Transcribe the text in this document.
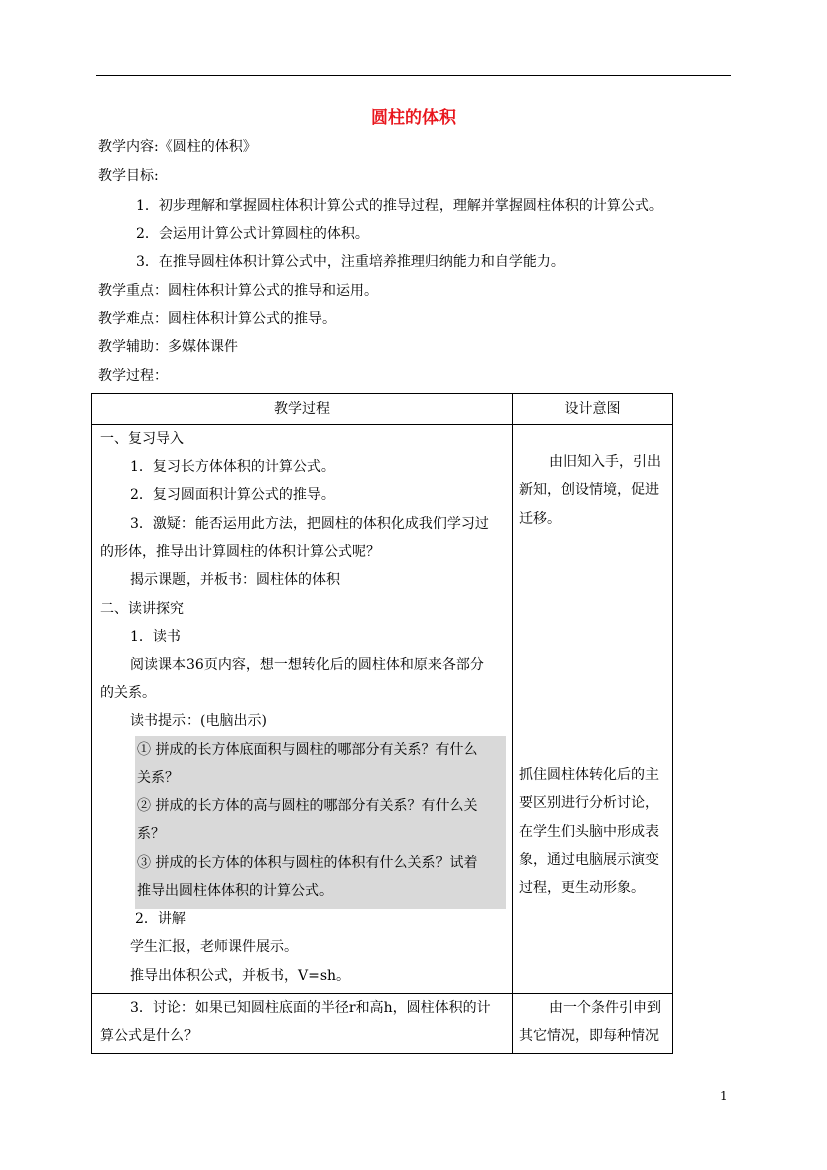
圆柱的体积
教学内容:《圆柱的体积》
教学目标:
1．初步理解和掌握圆柱体积计算公式的推导过程，理解并掌握圆柱体积的计算公式。
2．会运用计算公式计算圆柱的体积。
3．在推导圆柱体积计算公式中，注重培养推理归纳能力和自学能力。
教学重点：圆柱体积计算公式的推导和运用。
教学难点：圆柱体积计算公式的推导。
教学辅助：多媒体课件
教学过程：
教学过程	设计意图
一、复习导入
1．复习长方体体积的计算公式。
2．复习圆面积计算公式的推导。
3．激疑：能否运用此方法，把圆柱的体积化成我们学习过
的形体，推导出计算圆柱的体积计算公式呢？
揭示课题，并板书：圆柱体的体积
二、读讲探究
1．读书
阅读课本36页内容，想一想转化后的圆柱体和原来各部分
的关系。
读书提示：(电脑出示)
① 拼成的长方体底面积与圆柱的哪部分有关系？有什么
关系？
② 拼成的长方体的高与圆柱的哪部分有关系？有什么关
系？
③ 拼成的长方体的体积与圆柱的体积有什么关系？试着
推导出圆柱体体积的计算公式。
2．讲解
学生汇报，老师课件展示。
推导出体积公式，并板书，V=sh。
由旧知入手，引出
新知，创设情境，促进
迁移。
抓住圆柱体转化后的主
要区别进行分析讨论，
在学生们头脑中形成表
象，通过电脑展示演变
过程，更生动形象。
3．讨论：如果已知圆柱底面的半径r和高h，圆柱体积的计
算公式是什么？
由一个条件引申到
其它情况，即每种情况
1
